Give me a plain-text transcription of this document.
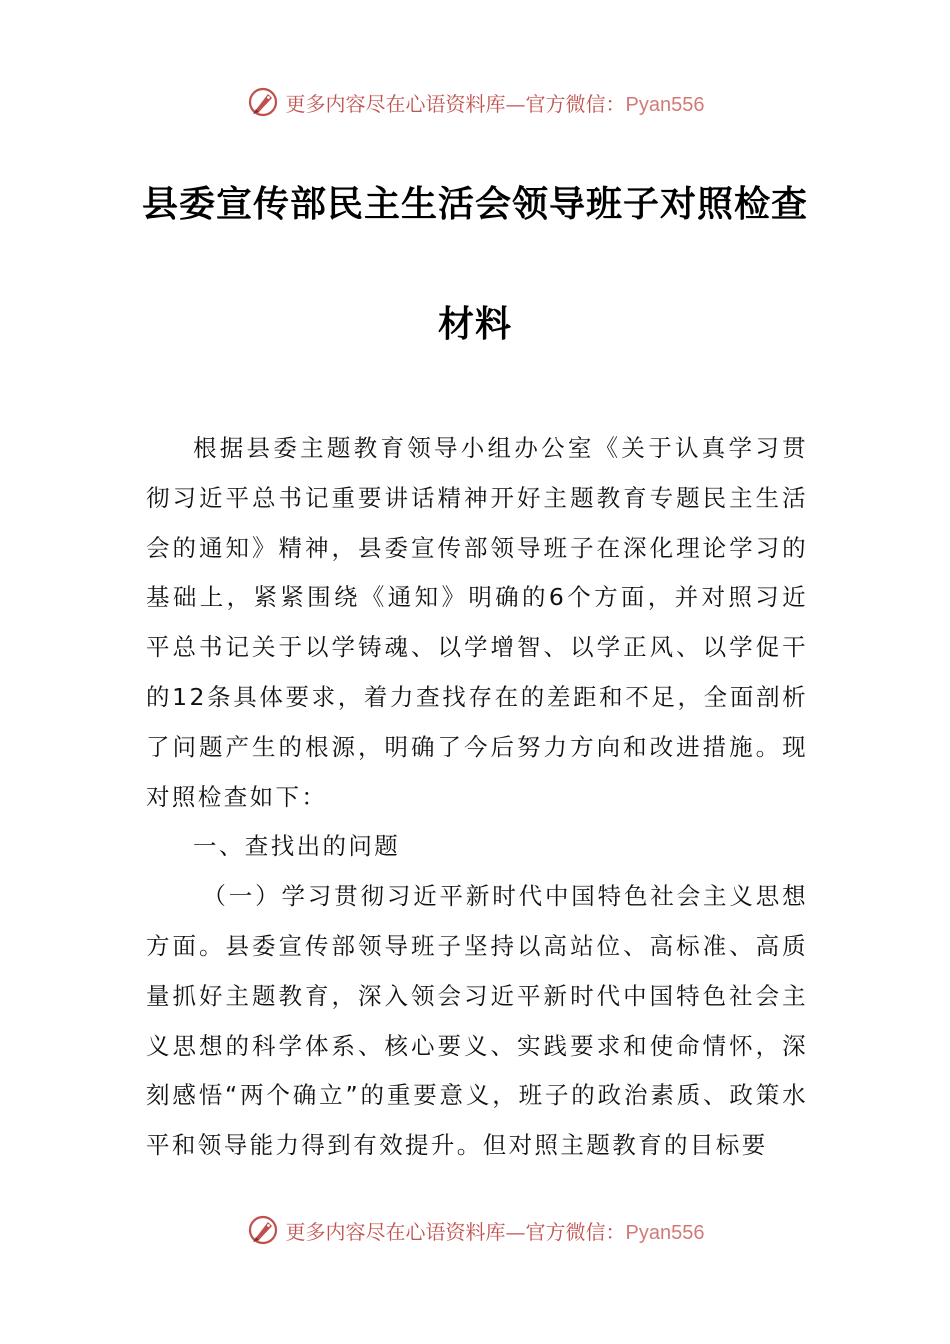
更多内容尽在心语资料库—官方微信：Pyan556
县委宣传部民主生活会领导班子对照检查
材料

根据县委主题教育领导小组办公室《关于认真学习贯彻习近平总书记重要讲话精神开好主题教育专题民主生活会的通知》精神，县委宣传部领导班子在深化理论学习的基础上，紧紧围绕《通知》明确的6个方面，并对照习近平总书记关于以学铸魂、以学增智、以学正风、以学促干的12条具体要求，着力查找存在的差距和不足，全面剖析了问题产生的根源，明确了今后努力方向和改进措施。现对照检查如下：

一、查找出的问题

（一）学习贯彻习近平新时代中国特色社会主义思想方面。县委宣传部领导班子坚持以高站位、高标准、高质量抓好主题教育，深入领会习近平新时代中国特色社会主义思想的科学体系、核心要义、实践要求和使命情怀，深刻感悟“两个确立”的重要意义，班子的政治素质、政策水平和领导能力得到有效提升。但对照主题教育的目标要

更多内容尽在心语资料库—官方微信：Pyan556
